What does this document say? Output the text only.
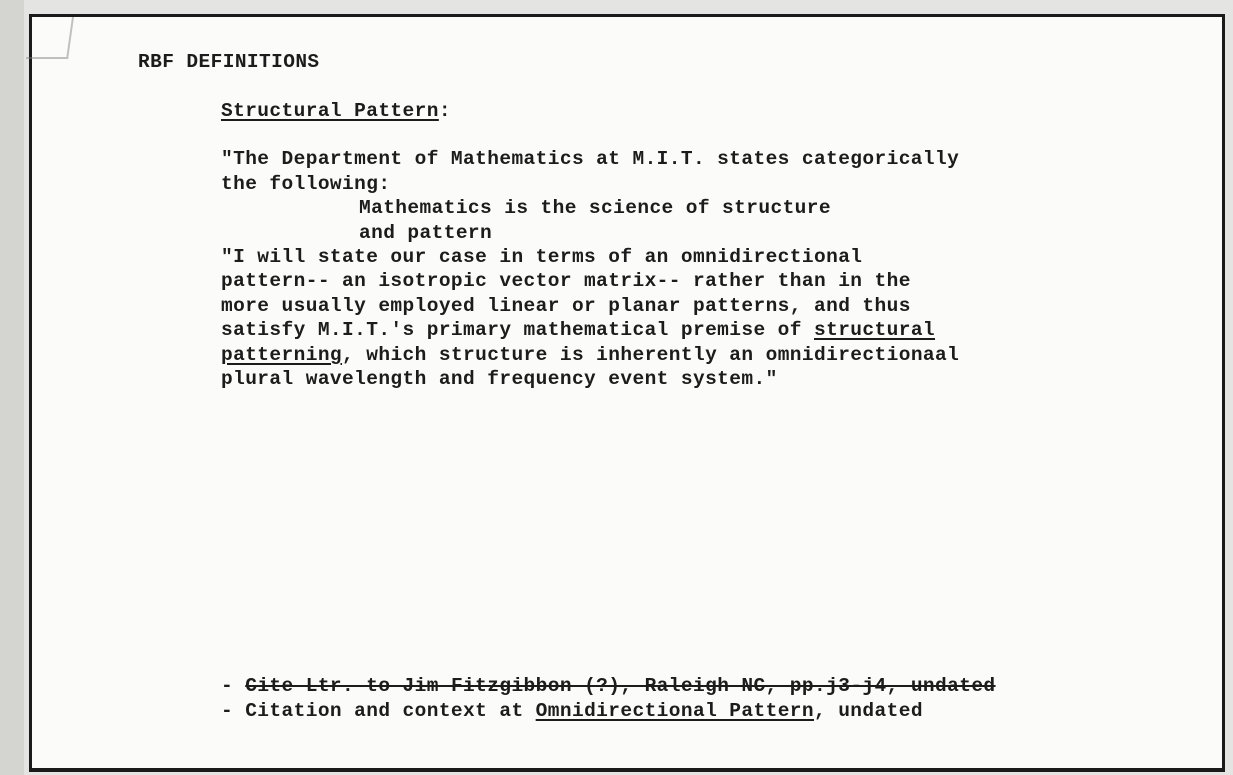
RBF DEFINITIONS

Structural Pattern:

"The Department of Mathematics at M.I.T. states categorically

the following:

Mathematics is the science of structure

and pattern

"I will state our case in terms of an omnidirectional

pattern-- an isotropic vector matrix-- rather than in the

more usually employed linear or planar patterns, and thus

satisfy M.I.T.'s primary mathematical premise of structural

patterning, which structure is inherently an omnidirectionaal

plural wavelength and frequency event system."

- Cite Ltr. to Jim Fitzgibbon (?), Raleigh NC, pp.j3-j4, undated

- Citation and context at Omnidirectional Pattern, undated
